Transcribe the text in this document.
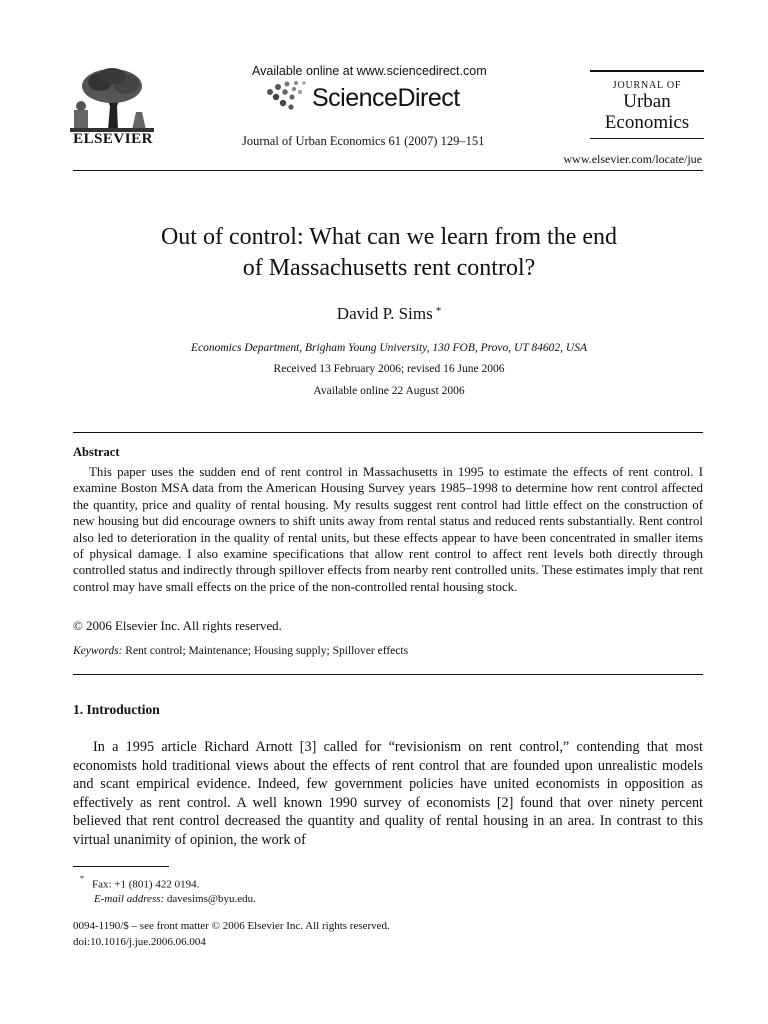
ELSEVIER
Available online at www.sciencedirect.com
ScienceDirect
Journal of Urban Economics 61 (2007) 129–151
JOURNAL OF
Urban
Economics
www.elsevier.com/locate/jue
Out of control: What can we learn from the end
of Massachusetts rent control?
David P. Sims *
Economics Department, Brigham Young University, 130 FOB, Provo, UT 84602, USA
Received 13 February 2006; revised 16 June 2006
Available online 22 August 2006
Abstract

This paper uses the sudden end of rent control in Massachusetts in 1995 to estimate the effects of rent control. I examine Boston MSA data from the American Housing Survey years 1985–1998 to determine how rent control affected the quantity, price and quality of rental housing. My results suggest rent control had little effect on the construction of new housing but did encourage owners to shift units away from rental status and reduced rents substantially. Rent control also led to deterioration in the quality of rental units, but these effects appear to have been concentrated in smaller items of physical damage. I also examine specifications that allow rent control to affect rent levels both directly through controlled status and indirectly through spillover effects from nearby rent controlled units. These estimates imply that rent control may have small effects on the price of the non-controlled rental housing stock.

© 2006 Elsevier Inc. All rights reserved.
Keywords: Rent control; Maintenance; Housing supply; Spillover effects
1. Introduction

In a 1995 article Richard Arnott [3] called for “revisionism on rent control,” contending that most economists hold traditional views about the effects of rent control that are founded upon unrealistic models and scant empirical evidence. Indeed, few government policies have united economists in opposition as effectively as rent control. A well known 1990 survey of economists [2] found that over ninety percent believed that rent control decreased the quantity and quality of rental housing in an area. In contrast to this virtual unanimity of opinion, the work of

*Fax: +1 (801) 422 0194.
E-mail address: davesims@byu.edu.
0094-1190/$ – see front matter © 2006 Elsevier Inc. All rights reserved.
doi:10.1016/j.jue.2006.06.004
